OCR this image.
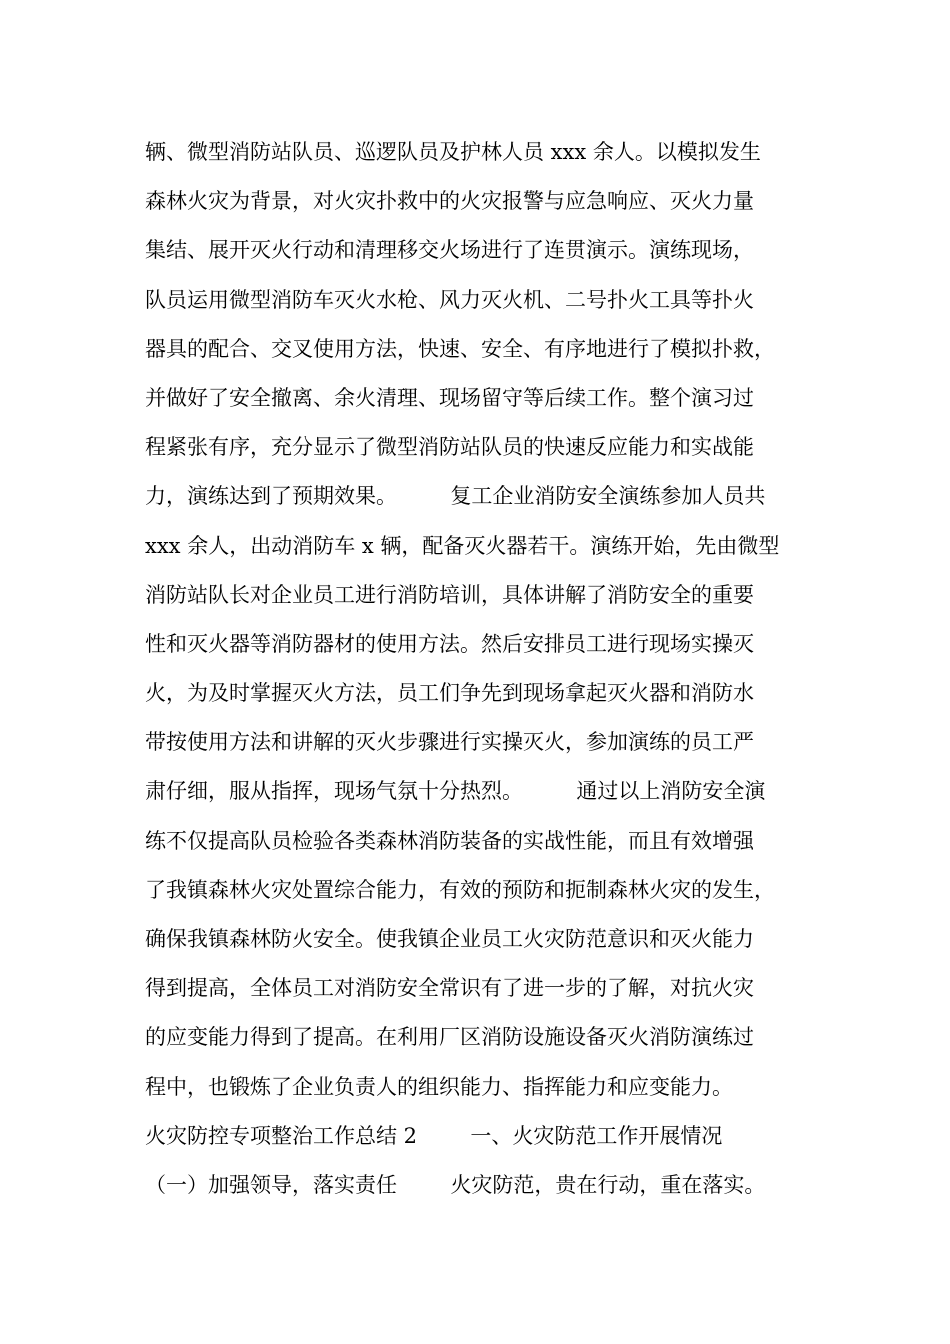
辆、微型消防站队员、巡逻队员及护林人员 xxx 余人。以模拟发生
森林火灾为背景，对火灾扑救中的火灾报警与应急响应、灭火力量
集结、展开灭火行动和清理移交火场进行了连贯演示。演练现场，
队员运用微型消防车灭火水枪、风力灭火机、二号扑火工具等扑火
器具的配合、交叉使用方法，快速、安全、有序地进行了模拟扑救，
并做好了安全撤离、余火清理、现场留守等后续工作。整个演习过
程紧张有序，充分显示了微型消防站队员的快速反应能力和实战能
力，演练达到了预期效果。        复工企业消防安全演练参加人员共
xxx 余人，出动消防车 x 辆，配备灭火器若干。演练开始，先由微型
消防站队长对企业员工进行消防培训，具体讲解了消防安全的重要
性和灭火器等消防器材的使用方法。然后安排员工进行现场实操灭
火，为及时掌握灭火方法，员工们争先到现场拿起灭火器和消防水
带按使用方法和讲解的灭火步骤进行实操灭火，参加演练的员工严
肃仔细，服从指挥，现场气氛十分热烈。        通过以上消防安全演
练不仅提高队员检验各类森林消防装备的实战性能，而且有效增强
了我镇森林火灾处置综合能力，有效的预防和扼制森林火灾的发生，
确保我镇森林防火安全。使我镇企业员工火灾防范意识和灭火能力
得到提高，全体员工对消防安全常识有了进一步的了解，对抗火灾
的应变能力得到了提高。在利用厂区消防设施设备灭火消防演练过
程中，也锻炼了企业负责人的组织能力、指挥能力和应变能力。
火灾防控专项整治工作总结 2        一、火灾防范工作开展情况
（一）加强领导，落实责任        火灾防范，贵在行动，重在落实。
